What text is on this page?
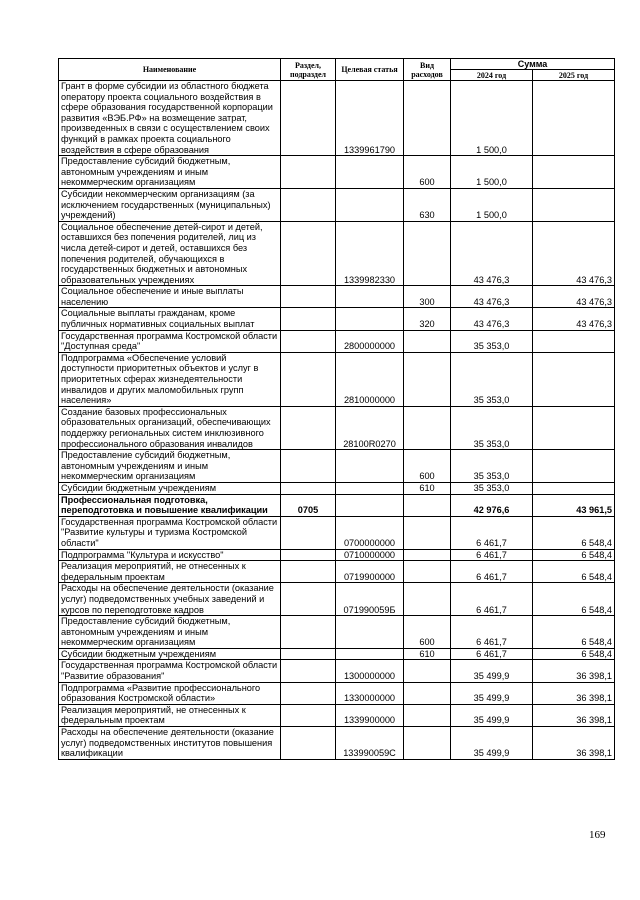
Наименование	Раздел, подраздел	Целевая статья	Вид расходов	Сумма	
				2024 год	2025 год
Грант в форме субсидии из областного бюджета оператору проекта социального воздействия в сфере образования государственной корпорации развития «ВЭБ.РФ» на возмещение затрат, произведенных в связи с осуществлением своих функций в рамках проекта социального воздействия в сфере образования		1339961790		1 500,0	
Предоставление субсидий бюджетным, автономным учреждениям и иным некоммерческим организациям			600	1 500,0	
Субсидии некоммерческим организациям (за исключением государственных (муниципальных) учреждений)			630	1 500,0	
Социальное обеспечение детей-сирот и детей, оставшихся без попечения родителей, лиц из числа детей-сирот и детей, оставшихся без попечения родителей, обучающихся в государственных бюджетных и автономных образовательных учреждениях		1339982330		43 476,3	43 476,3
Социальное обеспечение и иные выплаты населению			300	43 476,3	43 476,3
Социальные выплаты гражданам, кроме публичных нормативных социальных выплат			320	43 476,3	43 476,3
Государственная программа Костромской области "Доступная среда"		2800000000		35 353,0	
Подпрограмма «Обеспечение условий доступности приоритетных объектов и услуг в приоритетных сферах жизнедеятельности инвалидов и других маломобильных групп населения»		2810000000		35 353,0	
Создание базовых профессиональных образовательных организаций, обеспечивающих поддержку региональных систем инклюзивного профессионального образования инвалидов		28100R0270		35 353,0	
Предоставление субсидий бюджетным, автономным учреждениям и иным некоммерческим организациям			600	35 353,0	
Субсидии бюджетным учреждениям			610	35 353,0	
Профессиональная подготовка, переподготовка и повышение квалификации	0705			42 976,6	43 961,5
Государственная программа Костромской области "Развитие культуры и туризма Костромской области"		0700000000		6 461,7	6 548,4
Подпрограмма "Культура и искусство"		0710000000		6 461,7	6 548,4
Реализация мероприятий, не отнесенных к федеральным проектам		0719900000		6 461,7	6 548,4
Расходы на обеспечение деятельности (оказание услуг) подведомственных учебных заведений и курсов по переподготовке кадров		071990059Б		6 461,7	6 548,4
Предоставление субсидий бюджетным, автономным учреждениям и иным некоммерческим организациям			600	6 461,7	6 548,4
Субсидии бюджетным учреждениям			610	6 461,7	6 548,4
Государственная программа Костромской области "Развитие образования"		1300000000		35 499,9	36 398,1
Подпрограмма «Развитие профессионального образования Костромской области»		1330000000		35 499,9	36 398,1
Реализация мероприятий, не отнесенных к федеральным проектам		1339900000		35 499,9	36 398,1
Расходы на обеспечение деятельности (оказание услуг) подведомственных институтов повышения квалификации		133990059С		35 499,9	36 398,1
169
